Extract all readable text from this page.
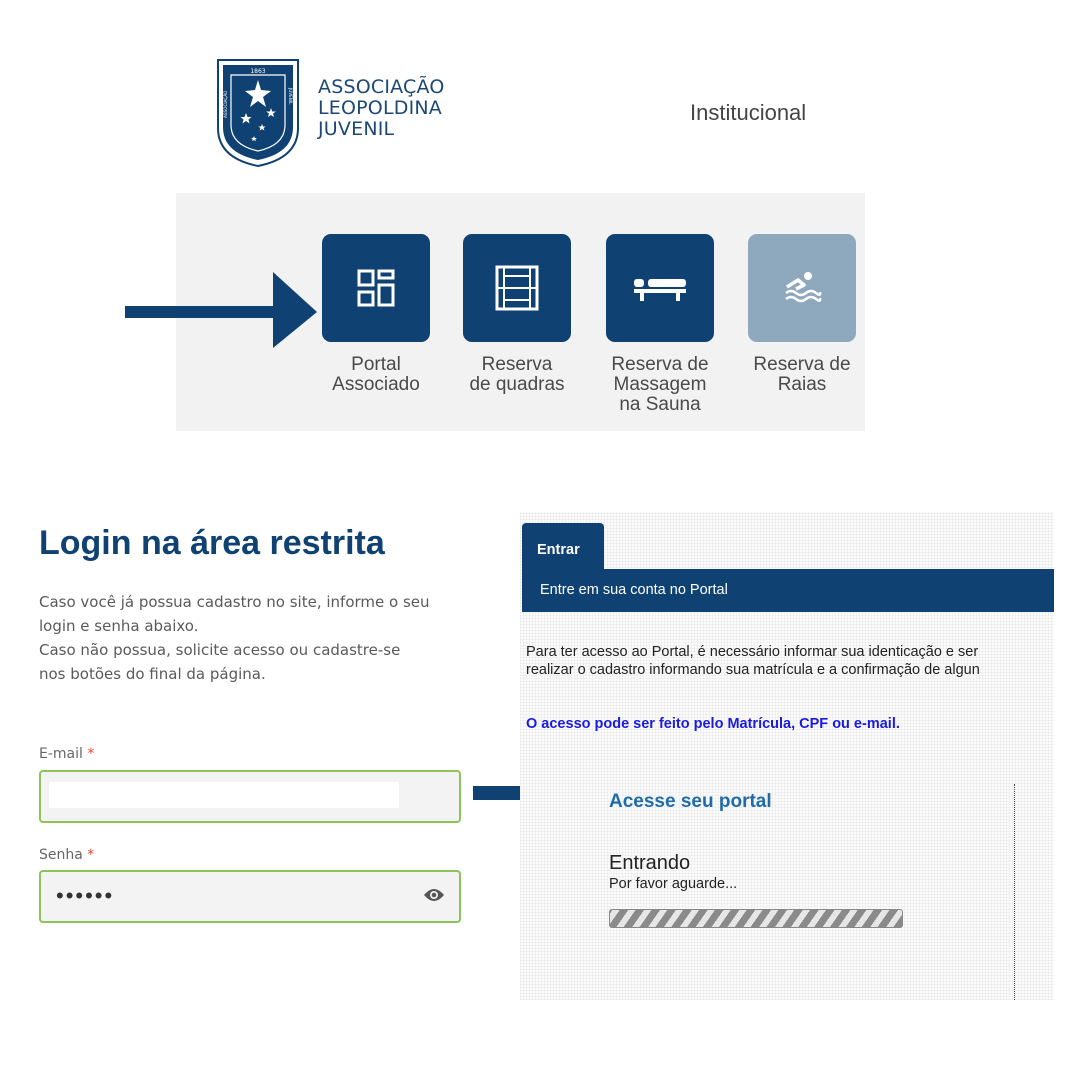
1863
ASSOCIAÇÃO	JUVENIL ASSOCIAÇÃO
LEOPOLDINA
JUVENIL
Institucional
Portal
Associado
Reserva
de quadras
Reserva de
Massagem
na Sauna
Reserva de
Raias
Login na área restrita
Caso você já possua cadastro no site, informe o seu
login e senha abaixo.
Caso não possua, solicite acesso ou cadastre-se
nos botões do final da página.
E-mail *
Senha *
••••••
Entrar
Entre em sua conta no Portal
Para ter acesso ao Portal, é necessário informar sua identicação e ser
realizar o cadastro informando sua matrícula e a confirmação de algun
O acesso pode ser feito pelo Matrícula, CPF ou e-mail.
Acesse seu portal
Entrando
Por favor aguarde...
